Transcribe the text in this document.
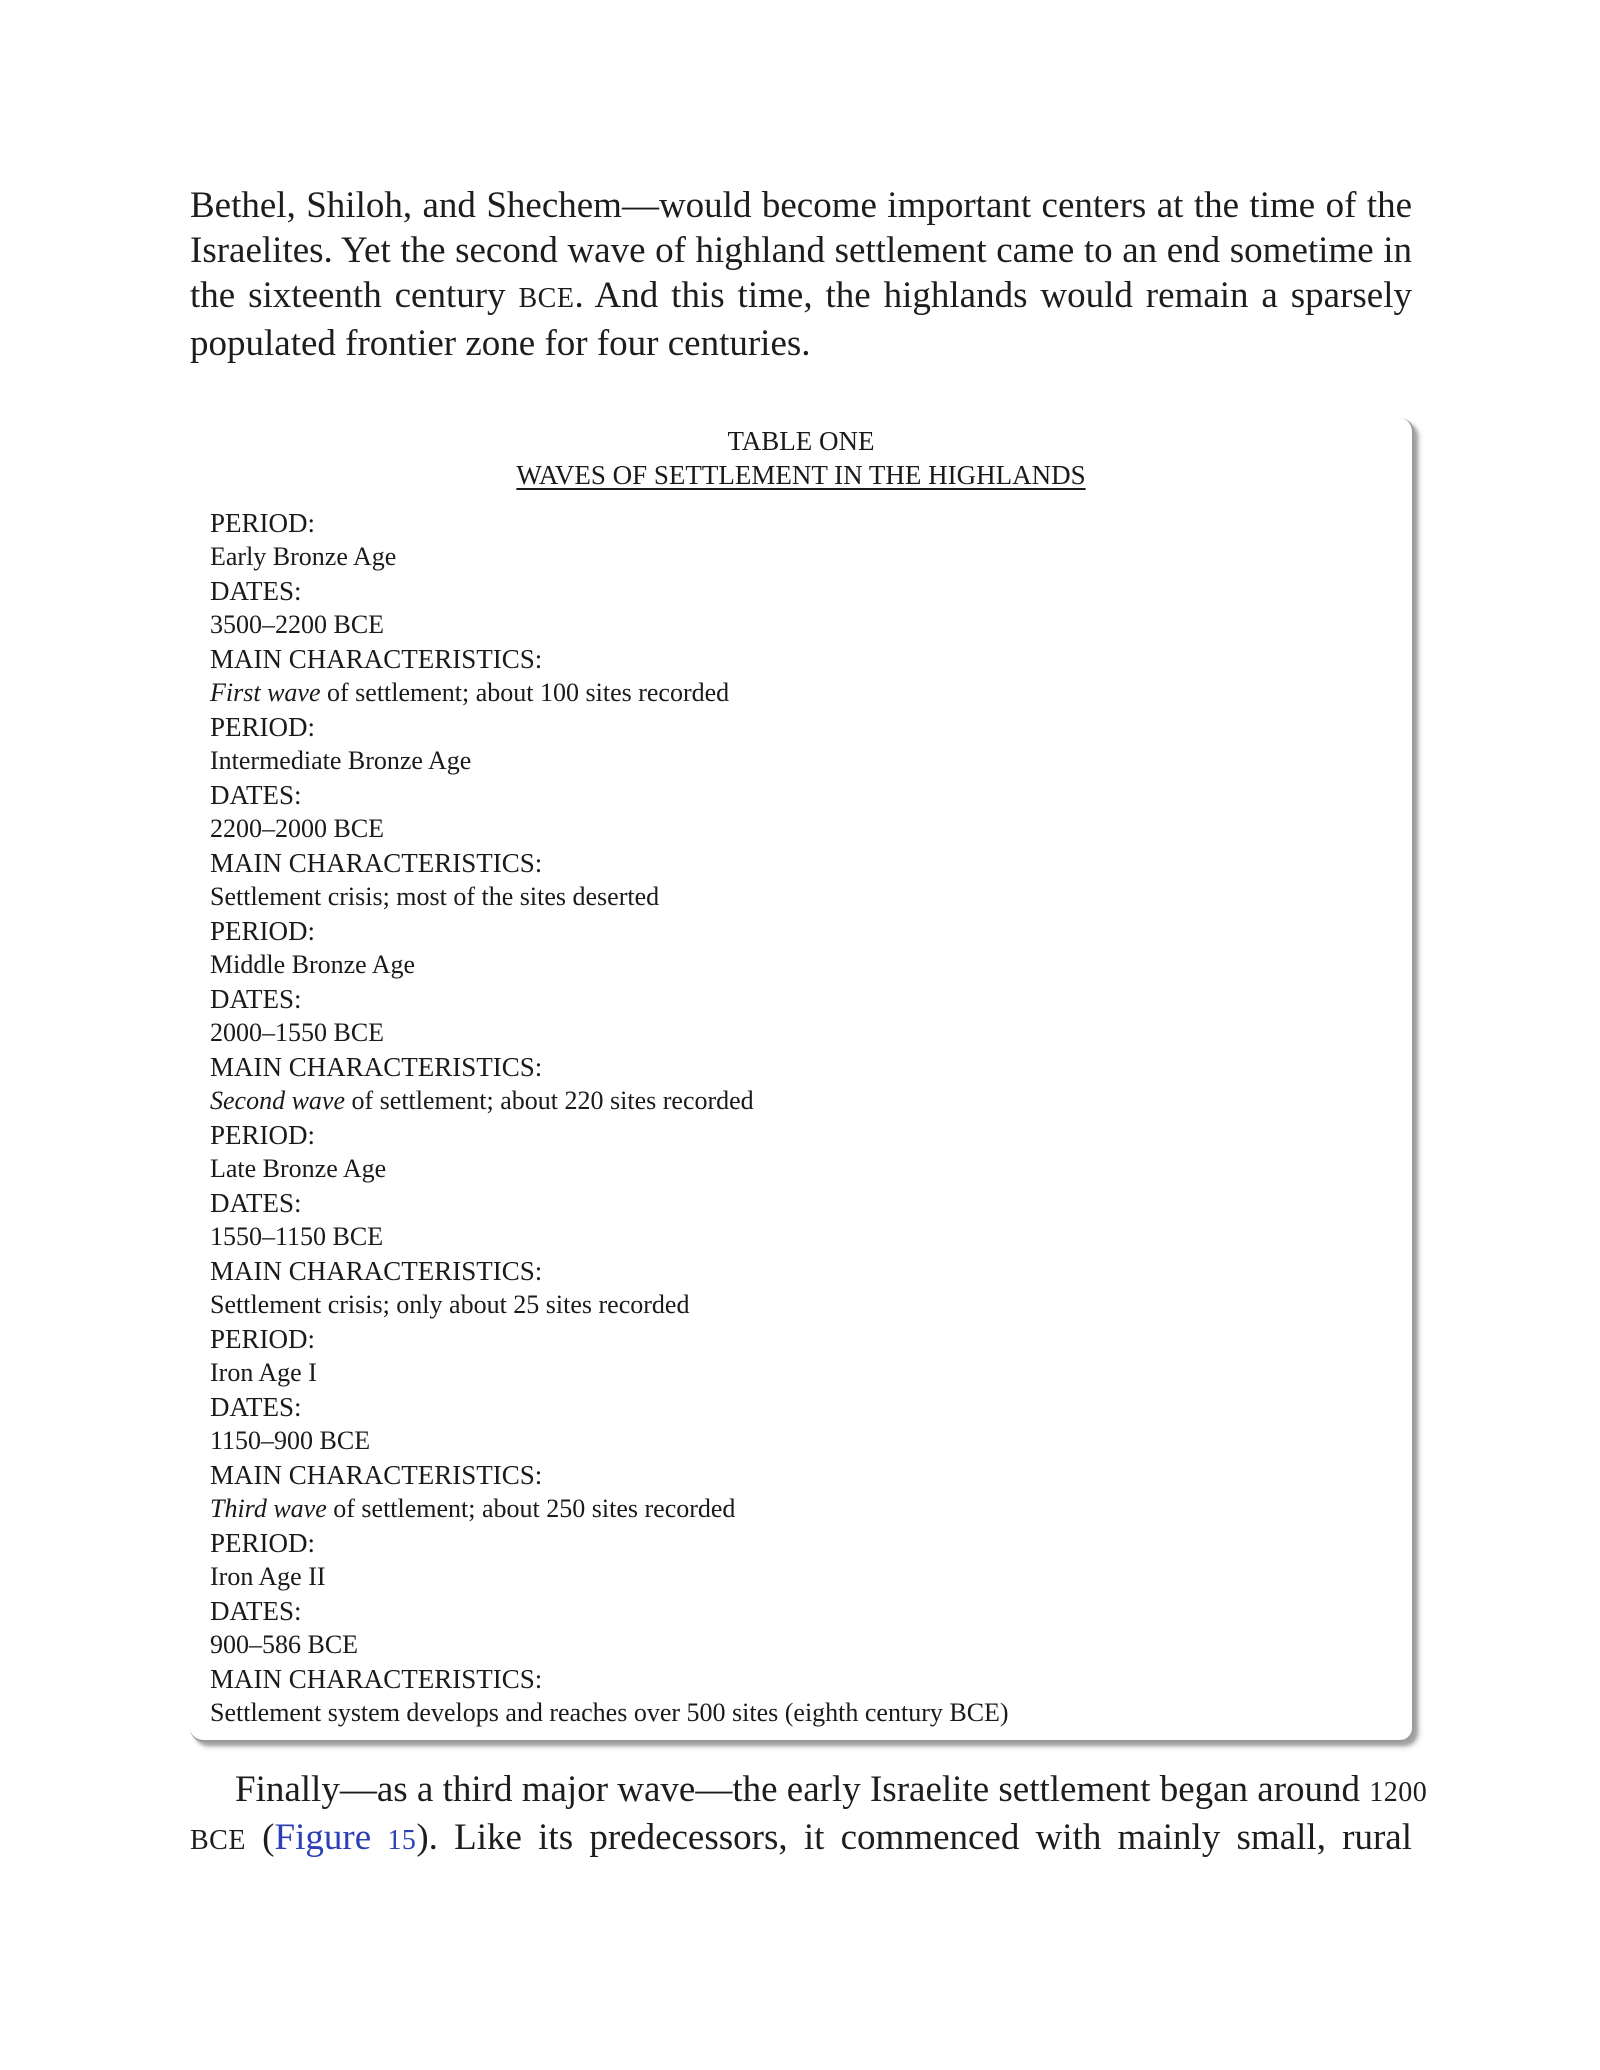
Bethel, Shiloh, and Shechem—would become important centers at the time of the
Israelites. Yet the second wave of highland settlement came to an end sometime in
the sixteenth century BCE. And this time, the highlands would remain a sparsely
populated frontier zone for four centuries.

TABLE ONE

WAVES OF SETTLEMENT IN THE HIGHLANDS

PERIOD:
Early Bronze Age
DATES:
3500–2200 BCE
MAIN CHARACTERISTICS:
First wave of settlement; about 100 sites recorded
PERIOD:
Intermediate Bronze Age
DATES:
2200–2000 BCE
MAIN CHARACTERISTICS:
Settlement crisis; most of the sites deserted
PERIOD:
Middle Bronze Age
DATES:
2000–1550 BCE
MAIN CHARACTERISTICS:
Second wave of settlement; about 220 sites recorded
PERIOD:
Late Bronze Age
DATES:
1550–1150 BCE
MAIN CHARACTERISTICS:
Settlement crisis; only about 25 sites recorded
PERIOD:
Iron Age I
DATES:
1150–900 BCE
MAIN CHARACTERISTICS:
Third wave of settlement; about 250 sites recorded
PERIOD:
Iron Age II
DATES:
900–586 BCE
MAIN CHARACTERISTICS:
Settlement system develops and reaches over 500 sites (eighth century BCE)
Finally—as a third major wave—the early Israelite settlement began around 1200
BCE (Figure 15). Like its predecessors, it commenced with mainly small, rural
